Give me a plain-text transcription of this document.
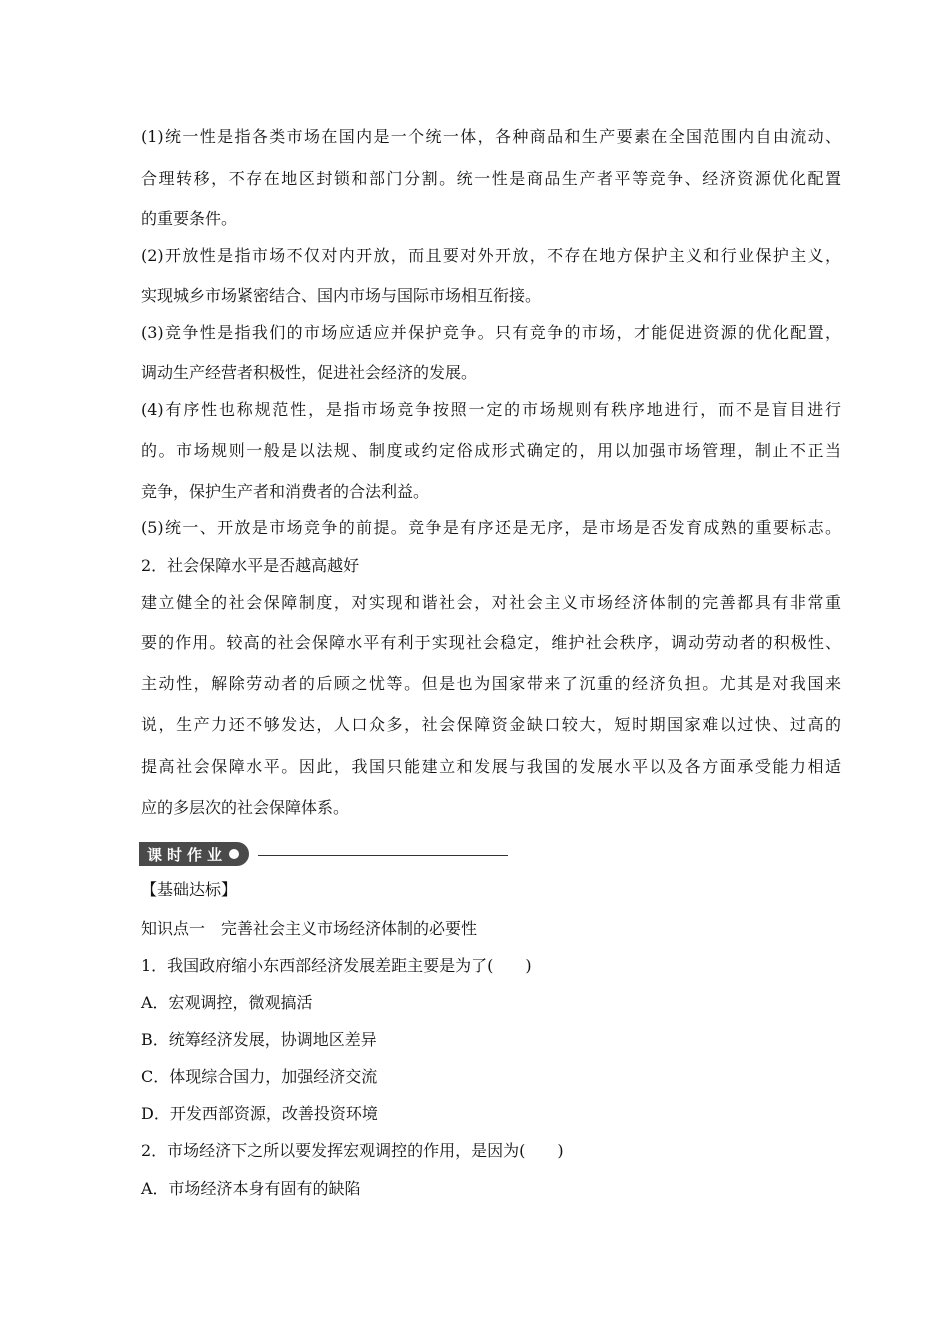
(1)统一性是指各类市场在国内是一个统一体，各种商品和生产要素在全国范围内自由流动、
合理转移，不存在地区封锁和部门分割。统一性是商品生产者平等竞争、经济资源优化配置
的重要条件。
(2)开放性是指市场不仅对内开放，而且要对外开放，不存在地方保护主义和行业保护主义，
实现城乡市场紧密结合、国内市场与国际市场相互衔接。
(3)竞争性是指我们的市场应适应并保护竞争。只有竞争的市场，才能促进资源的优化配置，
调动生产经营者积极性，促进社会经济的发展。
(4)有序性也称规范性，是指市场竞争按照一定的市场规则有秩序地进行，而不是盲目进行
的。市场规则一般是以法规、制度或约定俗成形式确定的，用以加强市场管理，制止不正当
竞争，保护生产者和消费者的合法利益。
(5)统一、开放是市场竞争的前提。竞争是有序还是无序，是市场是否发育成熟的重要标志。
2．社会保障水平是否越高越好
建立健全的社会保障制度，对实现和谐社会，对社会主义市场经济体制的完善都具有非常重
要的作用。较高的社会保障水平有利于实现社会稳定，维护社会秩序，调动劳动者的积极性、
主动性，解除劳动者的后顾之忧等。但是也为国家带来了沉重的经济负担。尤其是对我国来
说，生产力还不够发达，人口众多，社会保障资金缺口较大，短时期国家难以过快、过高的
提高社会保障水平。因此，我国只能建立和发展与我国的发展水平以及各方面承受能力相适
应的多层次的社会保障体系。
课时作业
【基础达标】
知识点一　完善社会主义市场经济体制的必要性
1．我国政府缩小东西部经济发展差距主要是为了(　　)
A．宏观调控，微观搞活
B．统筹经济发展，协调地区差异
C．体现综合国力，加强经济交流
D．开发西部资源，改善投资环境
2．市场经济下之所以要发挥宏观调控的作用，是因为(　　)
A．市场经济本身有固有的缺陷
